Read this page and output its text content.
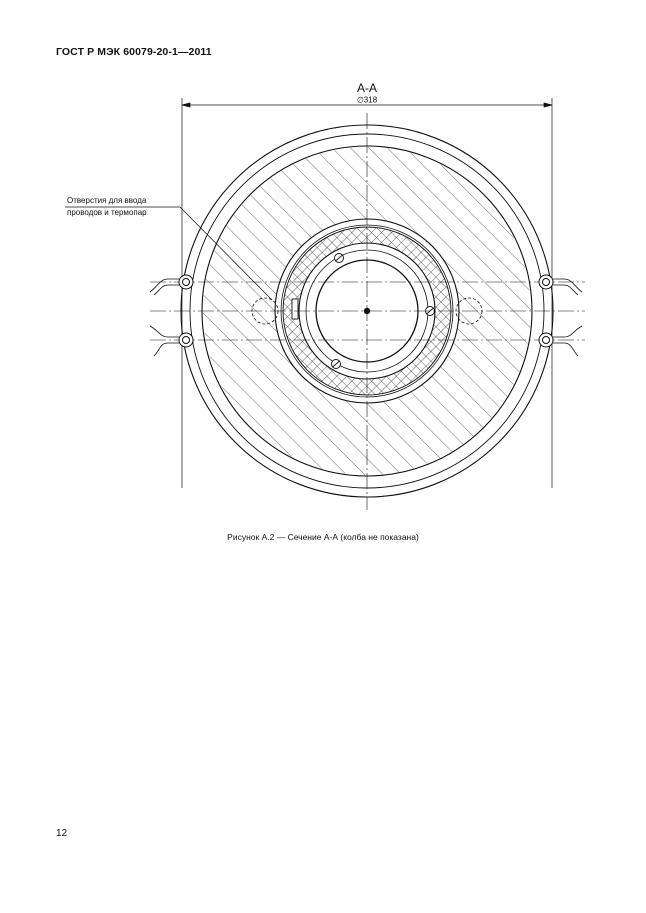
Отверстия для ввода
проводов и термопар
Рисунок А.2 — Сечение А-А (колба не показана)
12
